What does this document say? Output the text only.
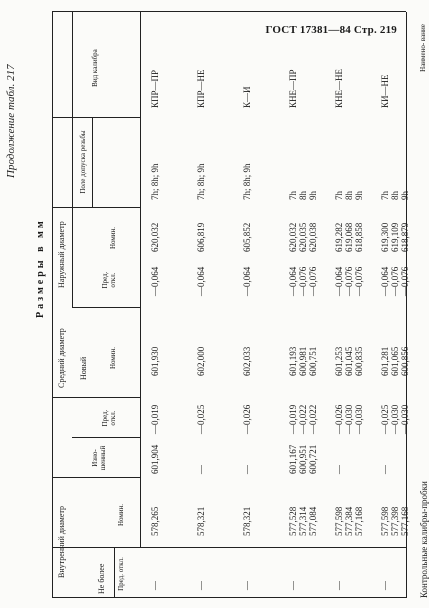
ГОСТ 17381—84 Стр. 219
Продолжение табл. 217
Размеры в мм
Пред. откл.
Не более
Номин.
Внутренний диаметр
Изно- шенный
Пред. откл.
Номин.
Новый
Средний диаметр
Пред. откл.
Номин.
Наружный диаметр
Поле допуска резьбы
Вид калибра	Наимено- вание
Контрольные калибры-пробки
КПР—ПР
7h; 8h; 9h
620,032
—0,064
601,930
—0,019
601,904
578,265
—
КПР—НЕ
7h; 8h; 9h
606,819
—0,064
602,000
—0,025
—
578,321
—
К—И
7h; 8h; 9h
605,852
—0,064
602,033
—0,026
—
578,321
—
КНЕ—ПР
7h 8h 9h
620,032 620,035 620,038
—0,064 —0,076 —0,076
601,193 600,981 600,751
—0,019 —0,022 —0,022
601,167 600,951 600,721
577,528 577,314 577,084
—
КНЕ—НЕ
7h 8h 9h
619,282 619,068 618,858
—0,064 —0,076 —0,076
601,253 601,045 600,835
—0,026 —0,030 —0,030
—
577,598 577,384 577,168
—
КИ—НЕ
7h 8h 9h
619,300 619,109 618,879
—0,064 —0,076 —0,076
601,281 601,065 600,856
—0,025 —0,030 —0,030
—
577,598 577,398 577,168
—
